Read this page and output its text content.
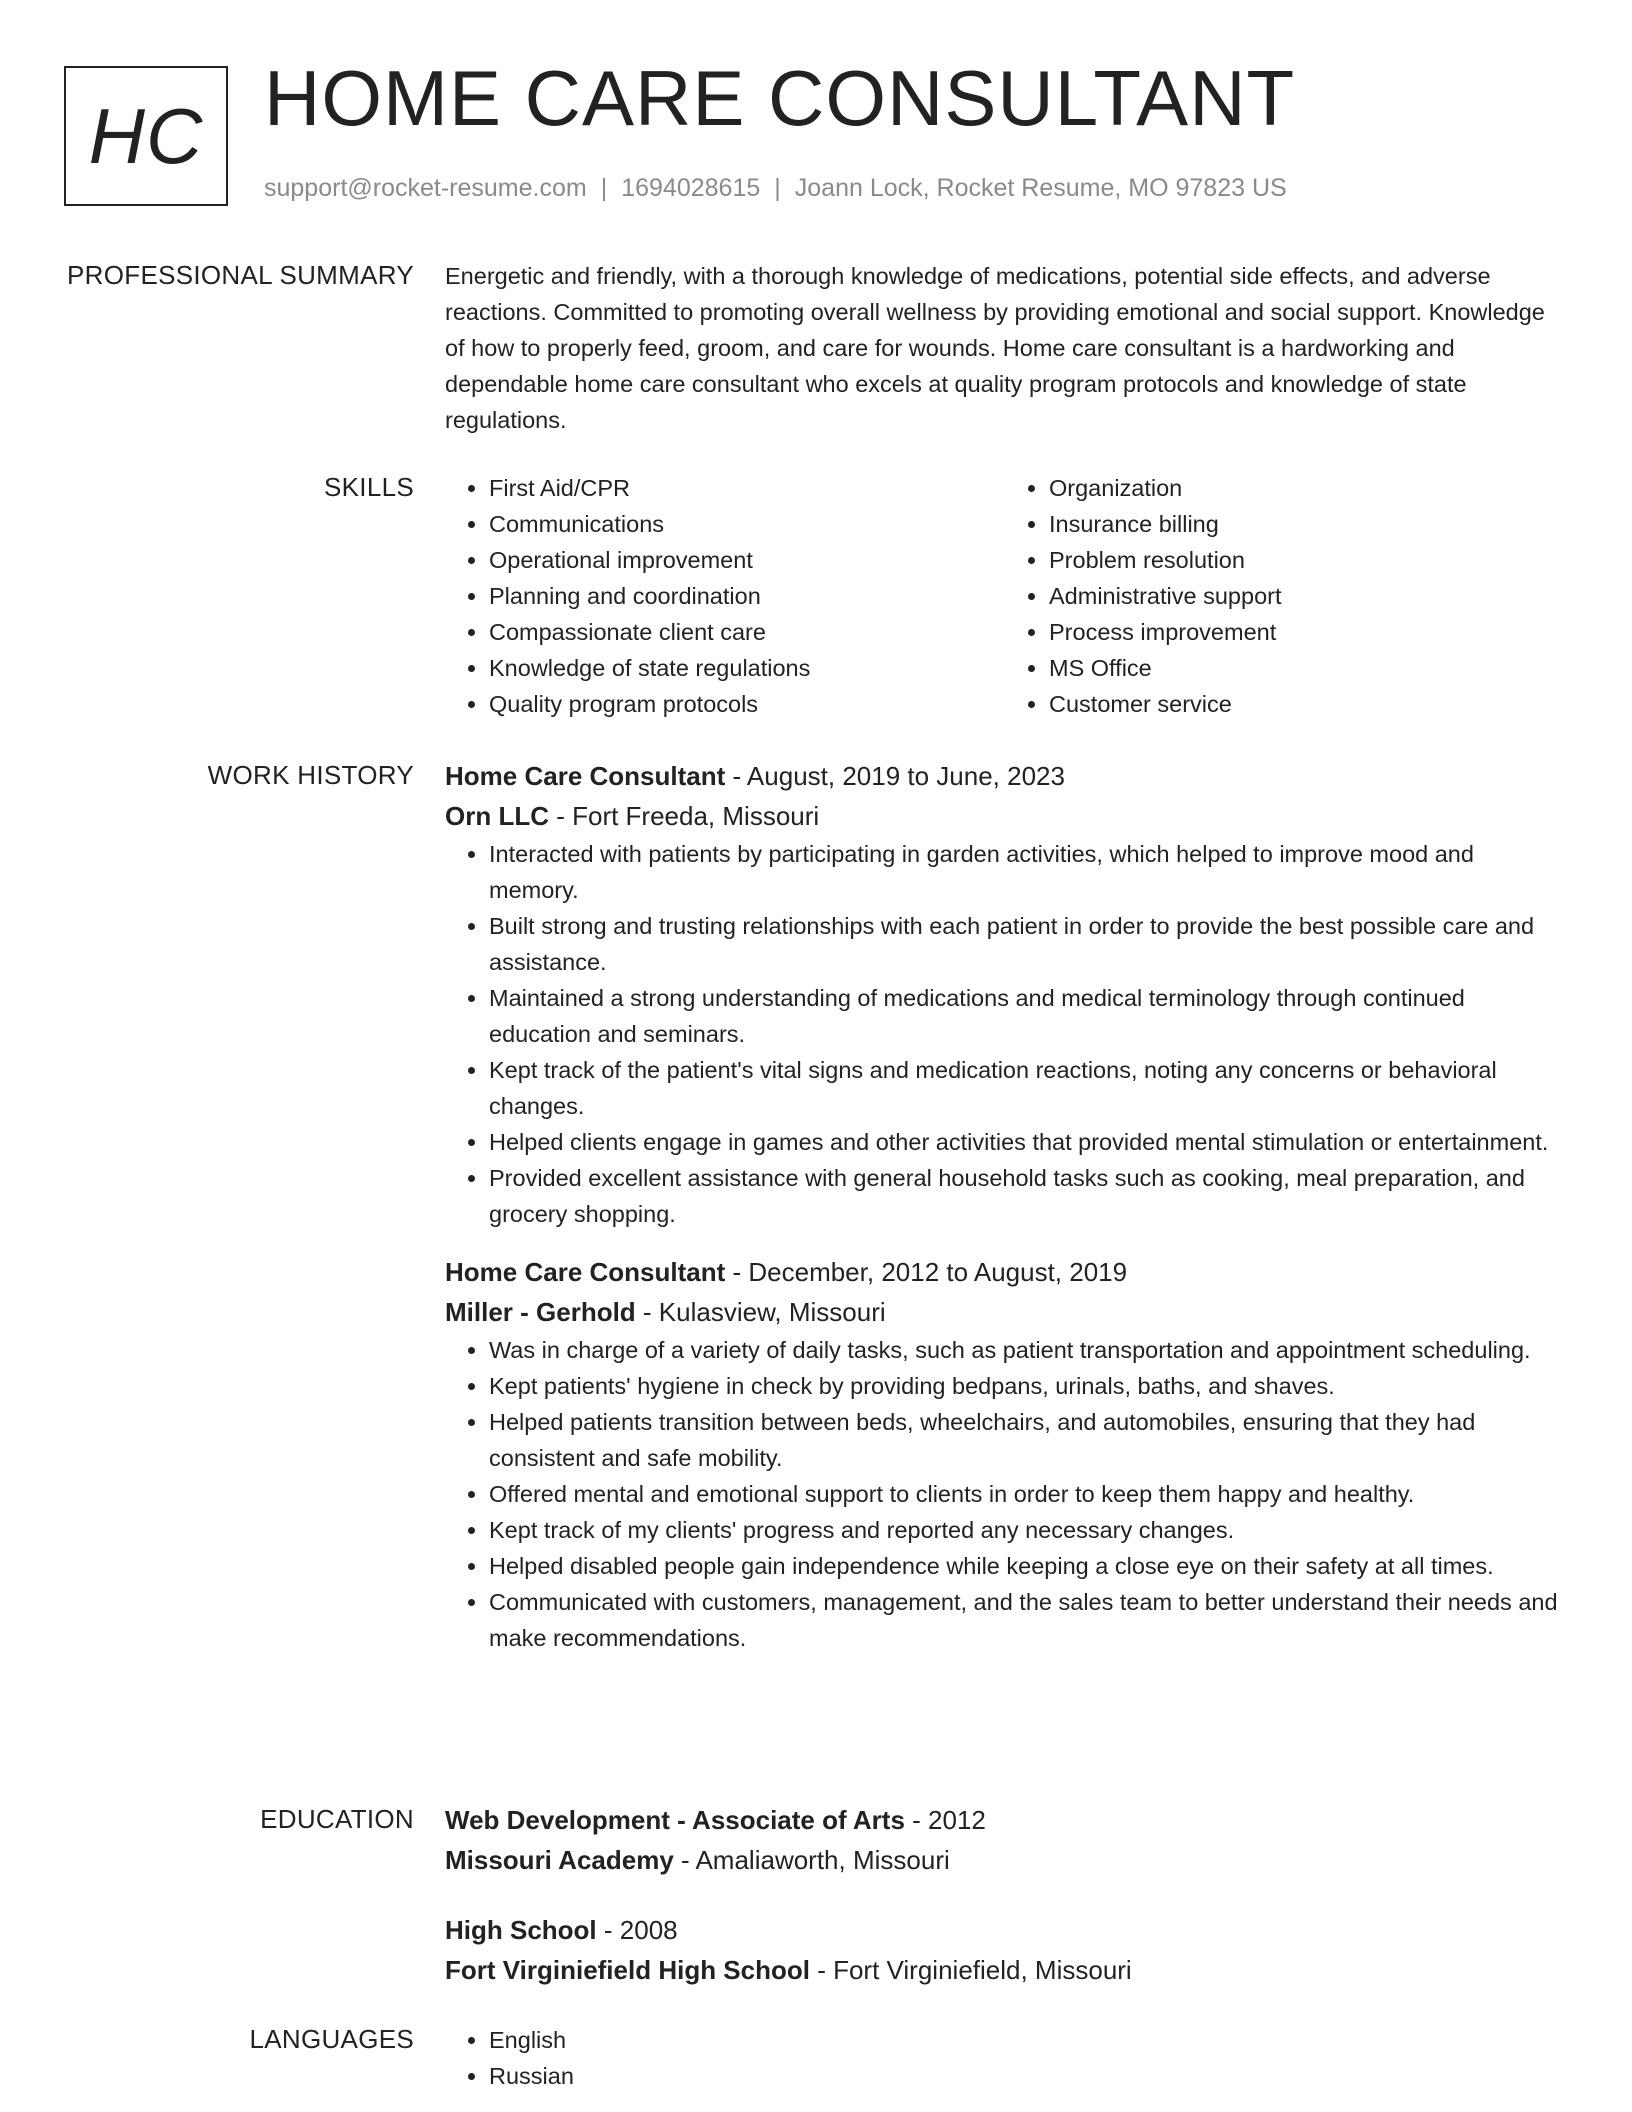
HC HOME CARE CONSULTANT
support@rocket-resume.com | 1694028615 | Joann Lock, Rocket Resume, MO 97823 US
PROFESSIONAL SUMMARY Energetic and friendly, with a thorough knowledge of medications, potential side effects, and adverse reactions. Committed to promoting overall wellness by providing emotional and social support. Knowledge of how to properly feed, groom, and care for wounds. Home care consultant is a hardworking and dependable home care consultant who excels at quality program protocols and knowledge of state regulations.

SKILLS	• First Aid/CPR
• Communications
• Operational improvement
• Planning and coordination
• Compassionate client care
• Knowledge of state regulations
• Quality program protocols
• Organization
• Insurance billing
• Problem resolution
• Administrative support
• Process improvement
• MS Office
• Customer service
WORK HISTORY Home Care Consultant - August, 2019 to June, 2023
Orn LLC - Fort Freeda, Missouri
• Interacted with patients by participating in garden activities, which helped to improve mood and memory.
• Built strong and trusting relationships with each patient in order to provide the best possible care and assistance.
• Maintained a strong understanding of medications and medical terminology through continued education and seminars.
• Kept track of the patient's vital signs and medication reactions, noting any concerns or behavioral changes.
• Helped clients engage in games and other activities that provided mental stimulation or entertainment.
• Provided excellent assistance with general household tasks such as cooking, meal preparation, and grocery shopping.
Home Care Consultant - December, 2012 to August, 2019
Miller - Gerhold - Kulasview, Missouri
• Was in charge of a variety of daily tasks, such as patient transportation and appointment scheduling.
• Kept patients' hygiene in check by providing bedpans, urinals, baths, and shaves.
• Helped patients transition between beds, wheelchairs, and automobiles, ensuring that they had consistent and safe mobility.
• Offered mental and emotional support to clients in order to keep them happy and healthy.
• Kept track of my clients' progress and reported any necessary changes.
• Helped disabled people gain independence while keeping a close eye on their safety at all times.
• Communicated with customers, management, and the sales team to better understand their needs and make recommendations.
EDUCATION Web Development - Associate of Arts - 2012
Missouri Academy - Amaliaworth, Missouri
High School - 2008
Fort Virginiefield High School - Fort Virginiefield, Missouri
LANGUAGES	• English
• Russian
